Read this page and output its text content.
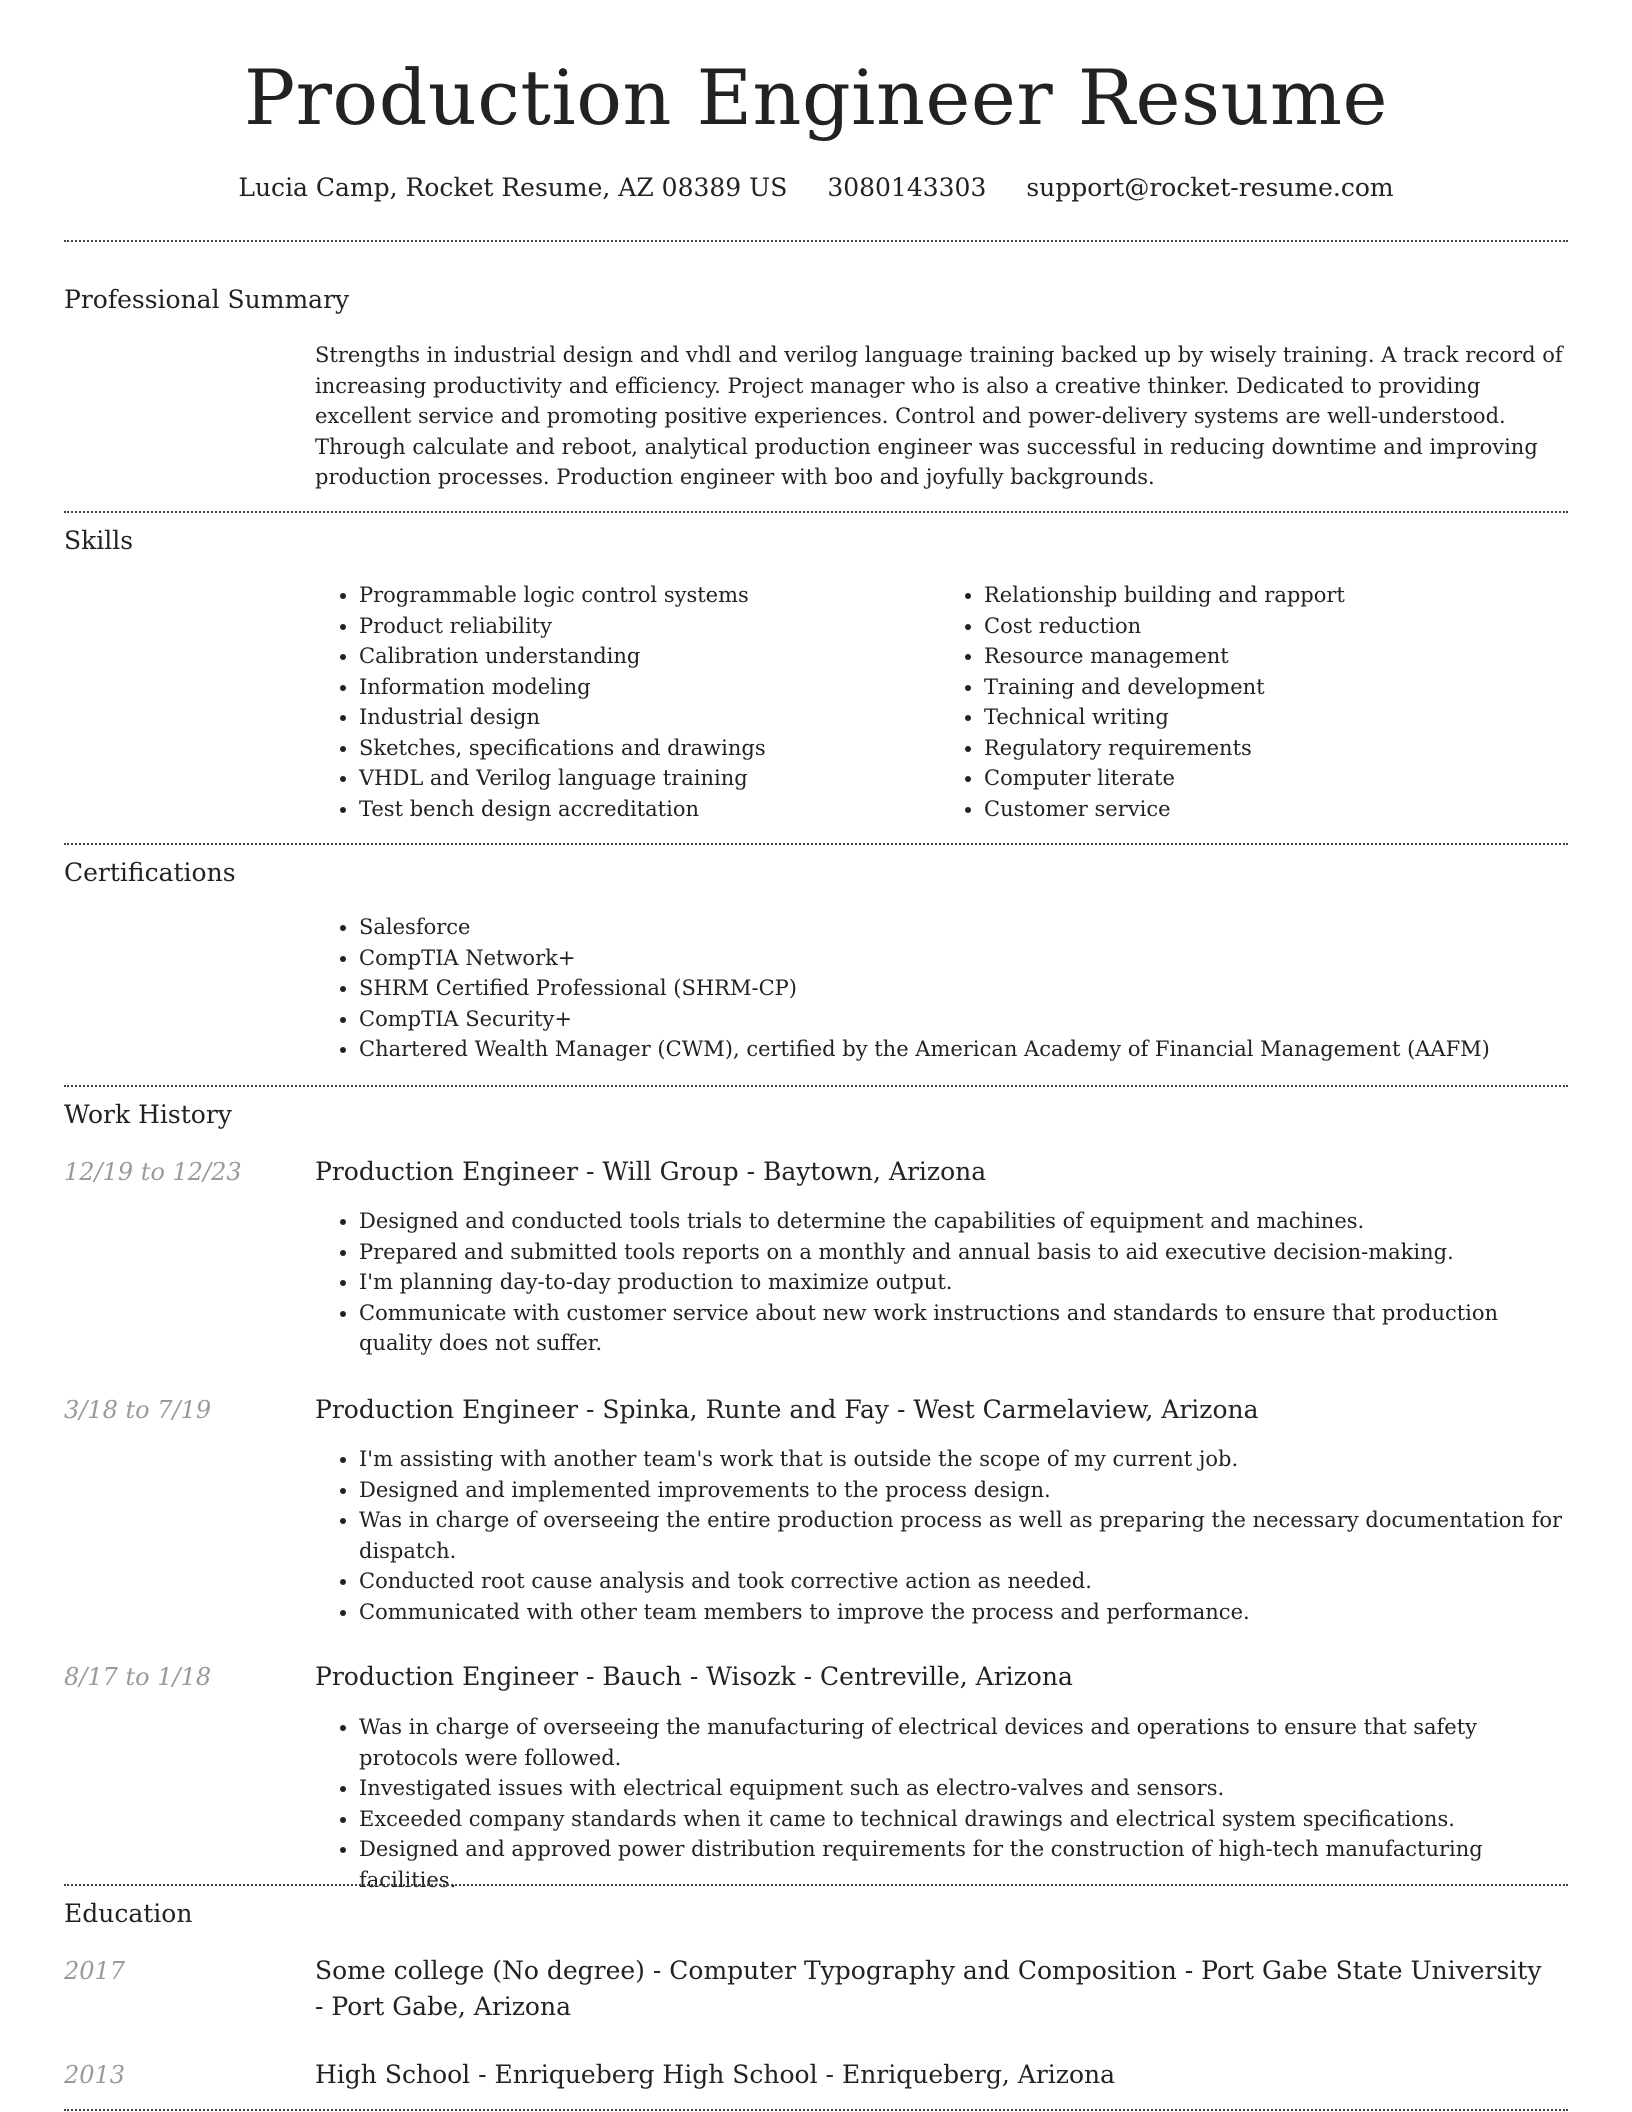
Production Engineer Resume
Lucia Camp, Rocket Resume, AZ 08389 US 3080143303 support@rocket-resume.com
Professional Summary

Strengths in industrial design and vhdl and verilog language training backed up by wisely training. A track record of increasing productivity and efficiency. Project manager who is also a creative thinker. Dedicated to providing excellent service and promoting positive experiences. Control and power-delivery systems are well-understood. Through calculate and reboot, analytical production engineer was successful in reducing downtime and improving production processes. Production engineer with boo and joyfully backgrounds.

Skills
• Programmable logic control systems
• Product reliability
• Calibration understanding
• Information modeling
• Industrial design
• Sketches, specifications and drawings
• VHDL and Verilog language training
• Test bench design accreditation
• Relationship building and rapport
• Cost reduction
• Resource management
• Training and development
• Technical writing
• Regulatory requirements
• Computer literate
• Customer service
Certifications
• Salesforce
• CompTIA Network+
• SHRM Certified Professional (SHRM-CP)
• CompTIA Security+
• Chartered Wealth Manager (CWM), certified by the American Academy of Financial Management (AAFM)
Work History
12/19 to 12/23	Production Engineer - Will Group - Baytown, Arizona
• Designed and conducted tools trials to determine the capabilities of equipment and machines.
• Prepared and submitted tools reports on a monthly and annual basis to aid executive decision-making.
• I'm planning day-to-day production to maximize output.
• Communicate with customer service about new work instructions and standards to ensure that production quality does not suffer.
3/18 to 7/19	Production Engineer - Spinka, Runte and Fay - West Carmelaview, Arizona
• I'm assisting with another team's work that is outside the scope of my current job.
• Designed and implemented improvements to the process design.
• Was in charge of overseeing the entire production process as well as preparing the necessary documentation for dispatch.
• Conducted root cause analysis and took corrective action as needed.
• Communicated with other team members to improve the process and performance.
8/17 to 1/18	Production Engineer - Bauch - Wisozk - Centreville, Arizona
• Was in charge of overseeing the manufacturing of electrical devices and operations to ensure that safety protocols were followed.
• Investigated issues with electrical equipment such as electro-valves and sensors.
• Exceeded company standards when it came to technical drawings and electrical system specifications.
• Designed and approved power distribution requirements for the construction of high-tech manufacturing facilities.
Education
2017	Some college (No degree) - Computer Typography and Composition - Port Gabe State University - Port Gabe, Arizona
2013	High School - Enriqueberg High School - Enriqueberg, Arizona
